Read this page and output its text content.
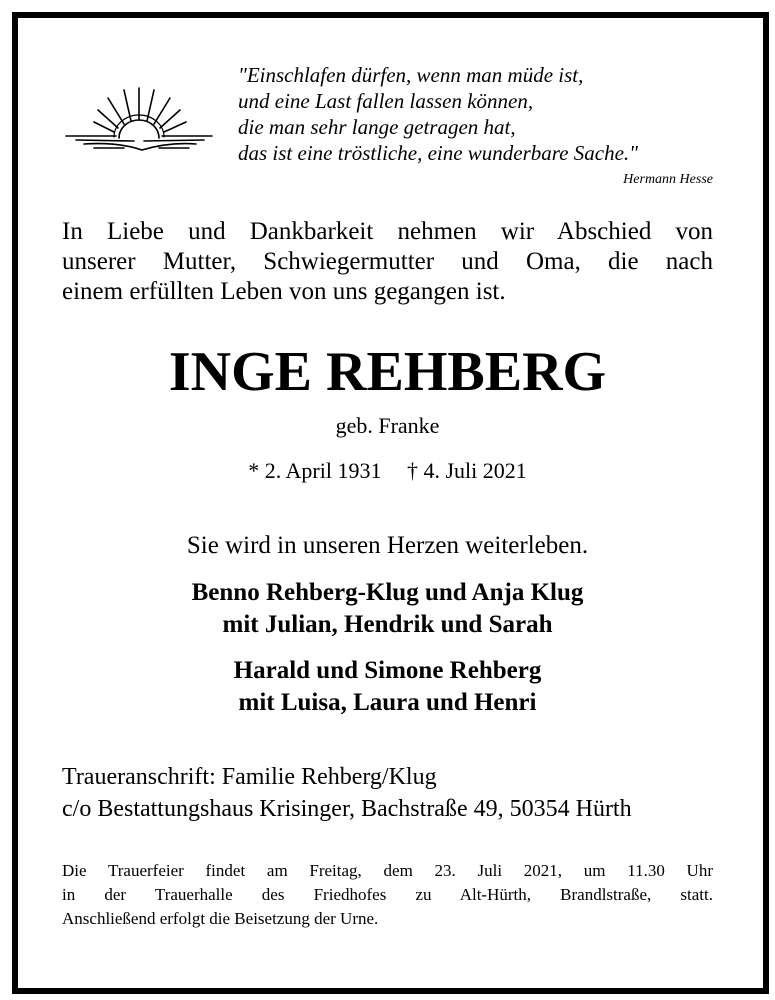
"Einschlafen dürfen, wenn man müde ist,
und eine Last fallen lassen können,
die man sehr lange getragen hat,
das ist eine tröstliche, eine wunderbare Sache."
Hermann Hesse
In Liebe und Dankbarkeit nehmen wir Abschied von
unserer Mutter, Schwiegermutter und Oma, die nach
einem erfüllten Leben von uns gegangen ist.
INGE REHBERG
geb. Franke
* 2. April 1931 † 4. Juli 2021
Sie wird in unseren Herzen weiterleben.
Benno Rehberg-Klug und Anja Klug
mit Julian, Hendrik und Sarah
Harald und Simone Rehberg
mit Luisa, Laura und Henri
Traueranschrift: Familie Rehberg/Klug
c/o Bestattungshaus Krisinger, Bachstraße 49, 50354 Hürth
Die Trauerfeier findet am Freitag, dem 23. Juli 2021, um 11.30 Uhr
in der Trauerhalle des Friedhofes zu Alt-Hürth, Brandlstraße, statt.
Anschließend erfolgt die Beisetzung der Urne.
